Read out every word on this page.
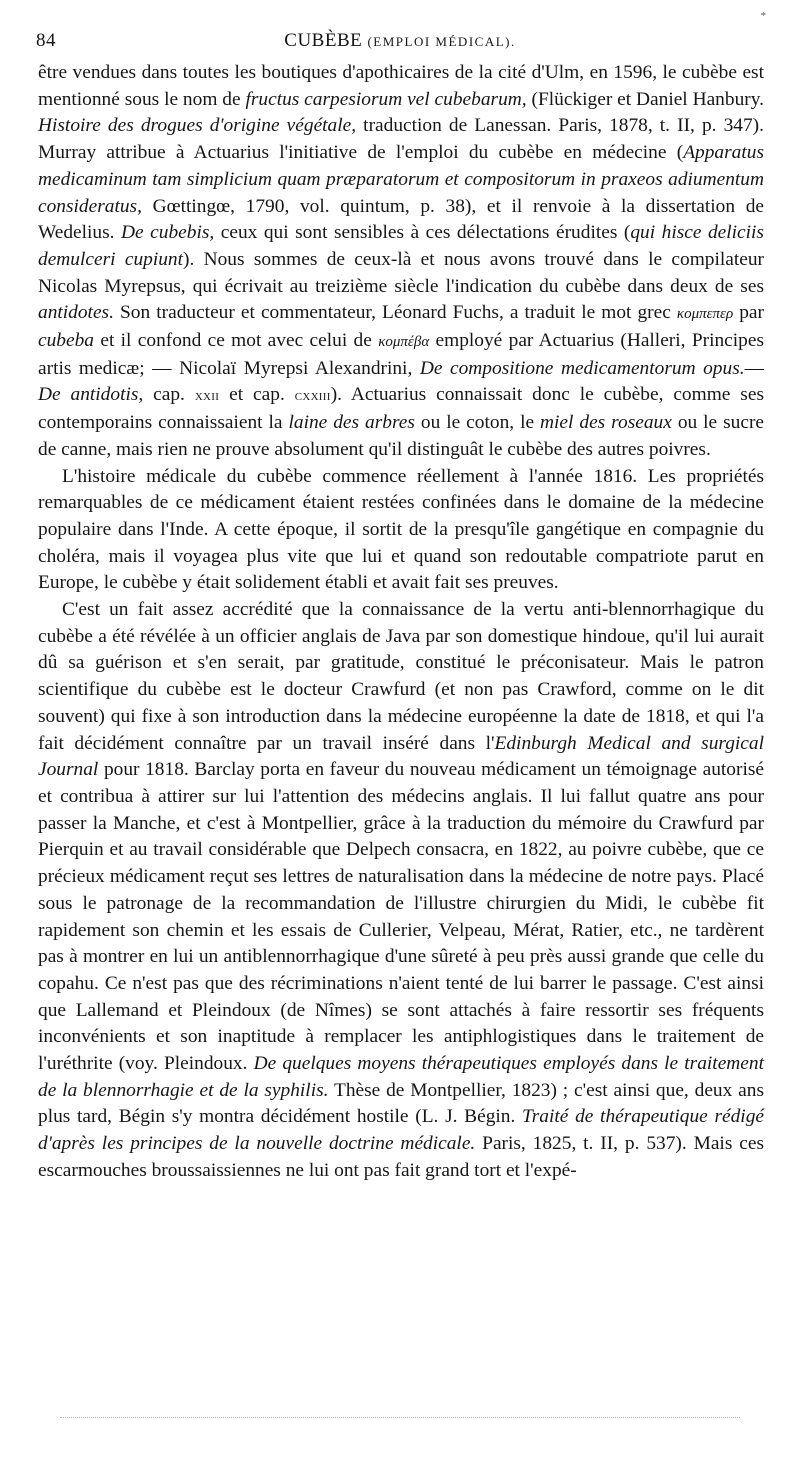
*
84	CUBÈBE (EMPLOI MÉDICAL).

être vendues dans toutes les boutiques d'apothicaires de la cité d'Ulm, en 1596, le cubèbe est mentionné sous le nom de fructus carpesiorum vel cubebarum, (Flückiger et Daniel Hanbury. Histoire des drogues d'origine végétale, traduction de Lanessan. Paris, 1878, t. II, p. 347). Murray attribue à Actuarius l'initiative de l'emploi du cubèbe en médecine (Apparatus medicaminum tam simplicium quam præparatorum et compositorum in praxeos adiumentum consideratus, Gœttingœ, 1790, vol. quintum, p. 38), et il renvoie à la dissertation de Wedelius. De cubebis, ceux qui sont sensibles à ces délectations érudites (qui hisce deliciis demulceri cupiunt). Nous sommes de ceux-là et nous avons trouvé dans le compilateur Nicolas Myrepsus, qui écrivait au treizième siècle l'indication du cubèbe dans deux de ses antidotes. Son traducteur et commentateur, Léonard Fuchs, a traduit le mot grec κομπεπερ par cubeba et il confond ce mot avec celui de κομπέβα employé par Actuarius (Halleri, Principes artis medicæ; — Nicolaï Myrepsi Alexandrini, De compositione medicamentorum opus.— De antidotis, cap. xxii et cap. cxxiii). Actuarius connaissait donc le cubèbe, comme ses contemporains connaissaient la laine des arbres ou le coton, le miel des roseaux ou le sucre de canne, mais rien ne prouve absolument qu'il distinguât le cubèbe des autres poivres.

L'histoire médicale du cubèbe commence réellement à l'année 1816. Les propriétés remarquables de ce médicament étaient restées confinées dans le domaine de la médecine populaire dans l'Inde. A cette époque, il sortit de la presqu'île gangétique en compagnie du choléra, mais il voyagea plus vite que lui et quand son redoutable compatriote parut en Europe, le cubèbe y était solidement établi et avait fait ses preuves.

C'est un fait assez accrédité que la connaissance de la vertu anti-blennorrhagique du cubèbe a été révélée à un officier anglais de Java par son domestique hindoue, qu'il lui aurait dû sa guérison et s'en serait, par gratitude, constitué le préconisateur. Mais le patron scientifique du cubèbe est le docteur Crawfurd (et non pas Crawford, comme on le dit souvent) qui fixe à son introduction dans la médecine européenne la date de 1818, et qui l'a fait décidément connaître par un travail inséré dans l'Edinburgh Medical and surgical Journal pour 1818. Barclay porta en faveur du nouveau médicament un témoignage autorisé et contribua à attirer sur lui l'attention des médecins anglais. Il lui fallut quatre ans pour passer la Manche, et c'est à Montpellier, grâce à la traduction du mémoire du Crawfurd par Pierquin et au travail considérable que Delpech consacra, en 1822, au poivre cubèbe, que ce précieux médicament reçut ses lettres de naturalisation dans la médecine de notre pays. Placé sous le patronage de la recommandation de l'illustre chirurgien du Midi, le cubèbe fit rapidement son chemin et les essais de Cullerier, Velpeau, Mérat, Ratier, etc., ne tardèrent pas à montrer en lui un antiblennorrhagique d'une sûreté à peu près aussi grande que celle du copahu. Ce n'est pas que des récriminations n'aient tenté de lui barrer le passage. C'est ainsi que Lallemand et Pleindoux (de Nîmes) se sont attachés à faire ressortir ses fréquents inconvénients et son inaptitude à remplacer les antiphlogistiques dans le traitement de l'uréthrite (voy. Pleindoux. De quelques moyens thérapeutiques employés dans le traitement de la blennorrhagie et de la syphilis. Thèse de Montpellier, 1823) ; c'est ainsi que, deux ans plus tard, Bégin s'y montra décidément hostile (L. J. Bégin. Traité de thérapeutique rédigé d'après les principes de la nouvelle doctrine médicale. Paris, 1825, t. II, p. 537). Mais ces escarmouches broussaissiennes ne lui ont pas fait grand tort et l'expé-
